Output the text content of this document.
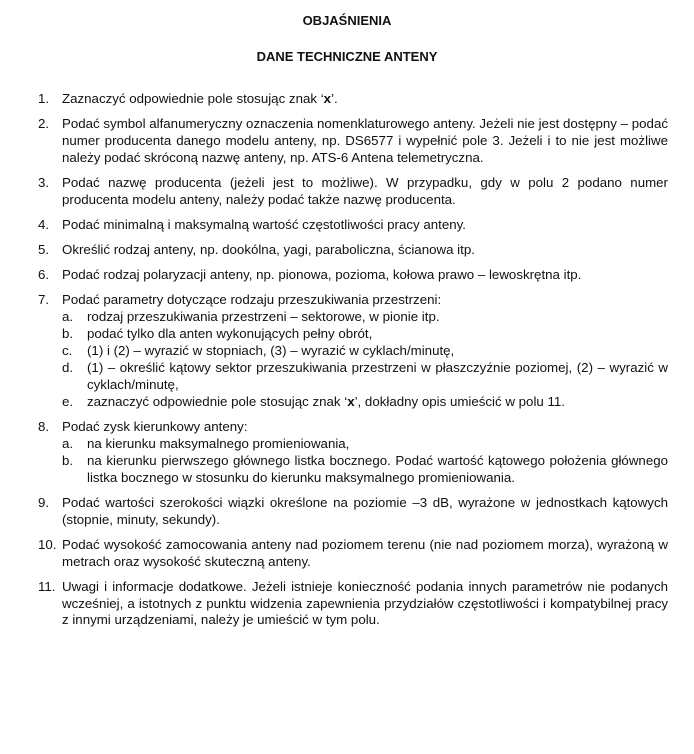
OBJAŚNIENIA
DANE TECHNICZNE ANTENY
1. Zaznaczyć odpowiednie pole stosując znak ‘x’.
2. Podać symbol alfanumeryczny oznaczenia nomenklaturowego anteny. Jeżeli nie jest dostępny – podać numer producenta danego modelu anteny, np. DS6577 i wypełnić pole 3. Jeżeli i to nie jest możliwe należy podać skróconą nazwę anteny, np. ATS-6 Antena telemetryczna.
3. Podać nazwę producenta (jeżeli jest to możliwe). W przypadku, gdy w polu 2 podano numer producenta modelu anteny, należy podać także nazwę producenta.
4. Podać minimalną i maksymalną wartość częstotliwości pracy anteny.
5. Określić rodzaj anteny, np. dookólna, yagi, paraboliczna, ścianowa itp.
6. Podać rodzaj polaryzacji anteny, np. pionowa, pozioma, kołowa prawo – lewoskrętna itp.
7. Podać parametry dotyczące rodzaju przeszukiwania przestrzeni:
a.	rodzaj przeszukiwania przestrzeni – sektorowe, w pionie itp.
b.	podać tylko dla anten wykonujących pełny obrót,
c.	(1) i (2) – wyrazić w stopniach, (3) – wyrazić w cyklach/minutę,
d.	(1) – określić kątowy sektor przeszukiwania przestrzeni w płaszczyźnie poziomej, (2) – wyrazić w cyklach/minutę,
e.	zaznaczyć odpowiednie pole stosując znak ‘x’, dokładny opis umieścić w polu 11.
8. Podać zysk kierunkowy anteny:
a.	na kierunku maksymalnego promieniowania,
b.	na kierunku pierwszego głównego listka bocznego. Podać wartość kątowego położenia głównego listka bocznego w stosunku do kierunku maksymalnego promieniowania.
9. Podać wartości szerokości wiązki określone na poziomie –3 dB, wyrażone w jednostkach kątowych (stopnie, minuty, sekundy).
10. Podać wysokość zamocowania anteny nad poziomem terenu (nie nad poziomem morza), wyrażoną w metrach oraz wysokość skuteczną anteny.
11. Uwagi i informacje dodatkowe. Jeżeli istnieje konieczność podania innych parametrów nie podanych wcześniej, a istotnych z punktu widzenia zapewnienia przydziałów częstotliwości i kompatybilnej pracy z innymi urządzeniami, należy je umieścić w tym polu.
